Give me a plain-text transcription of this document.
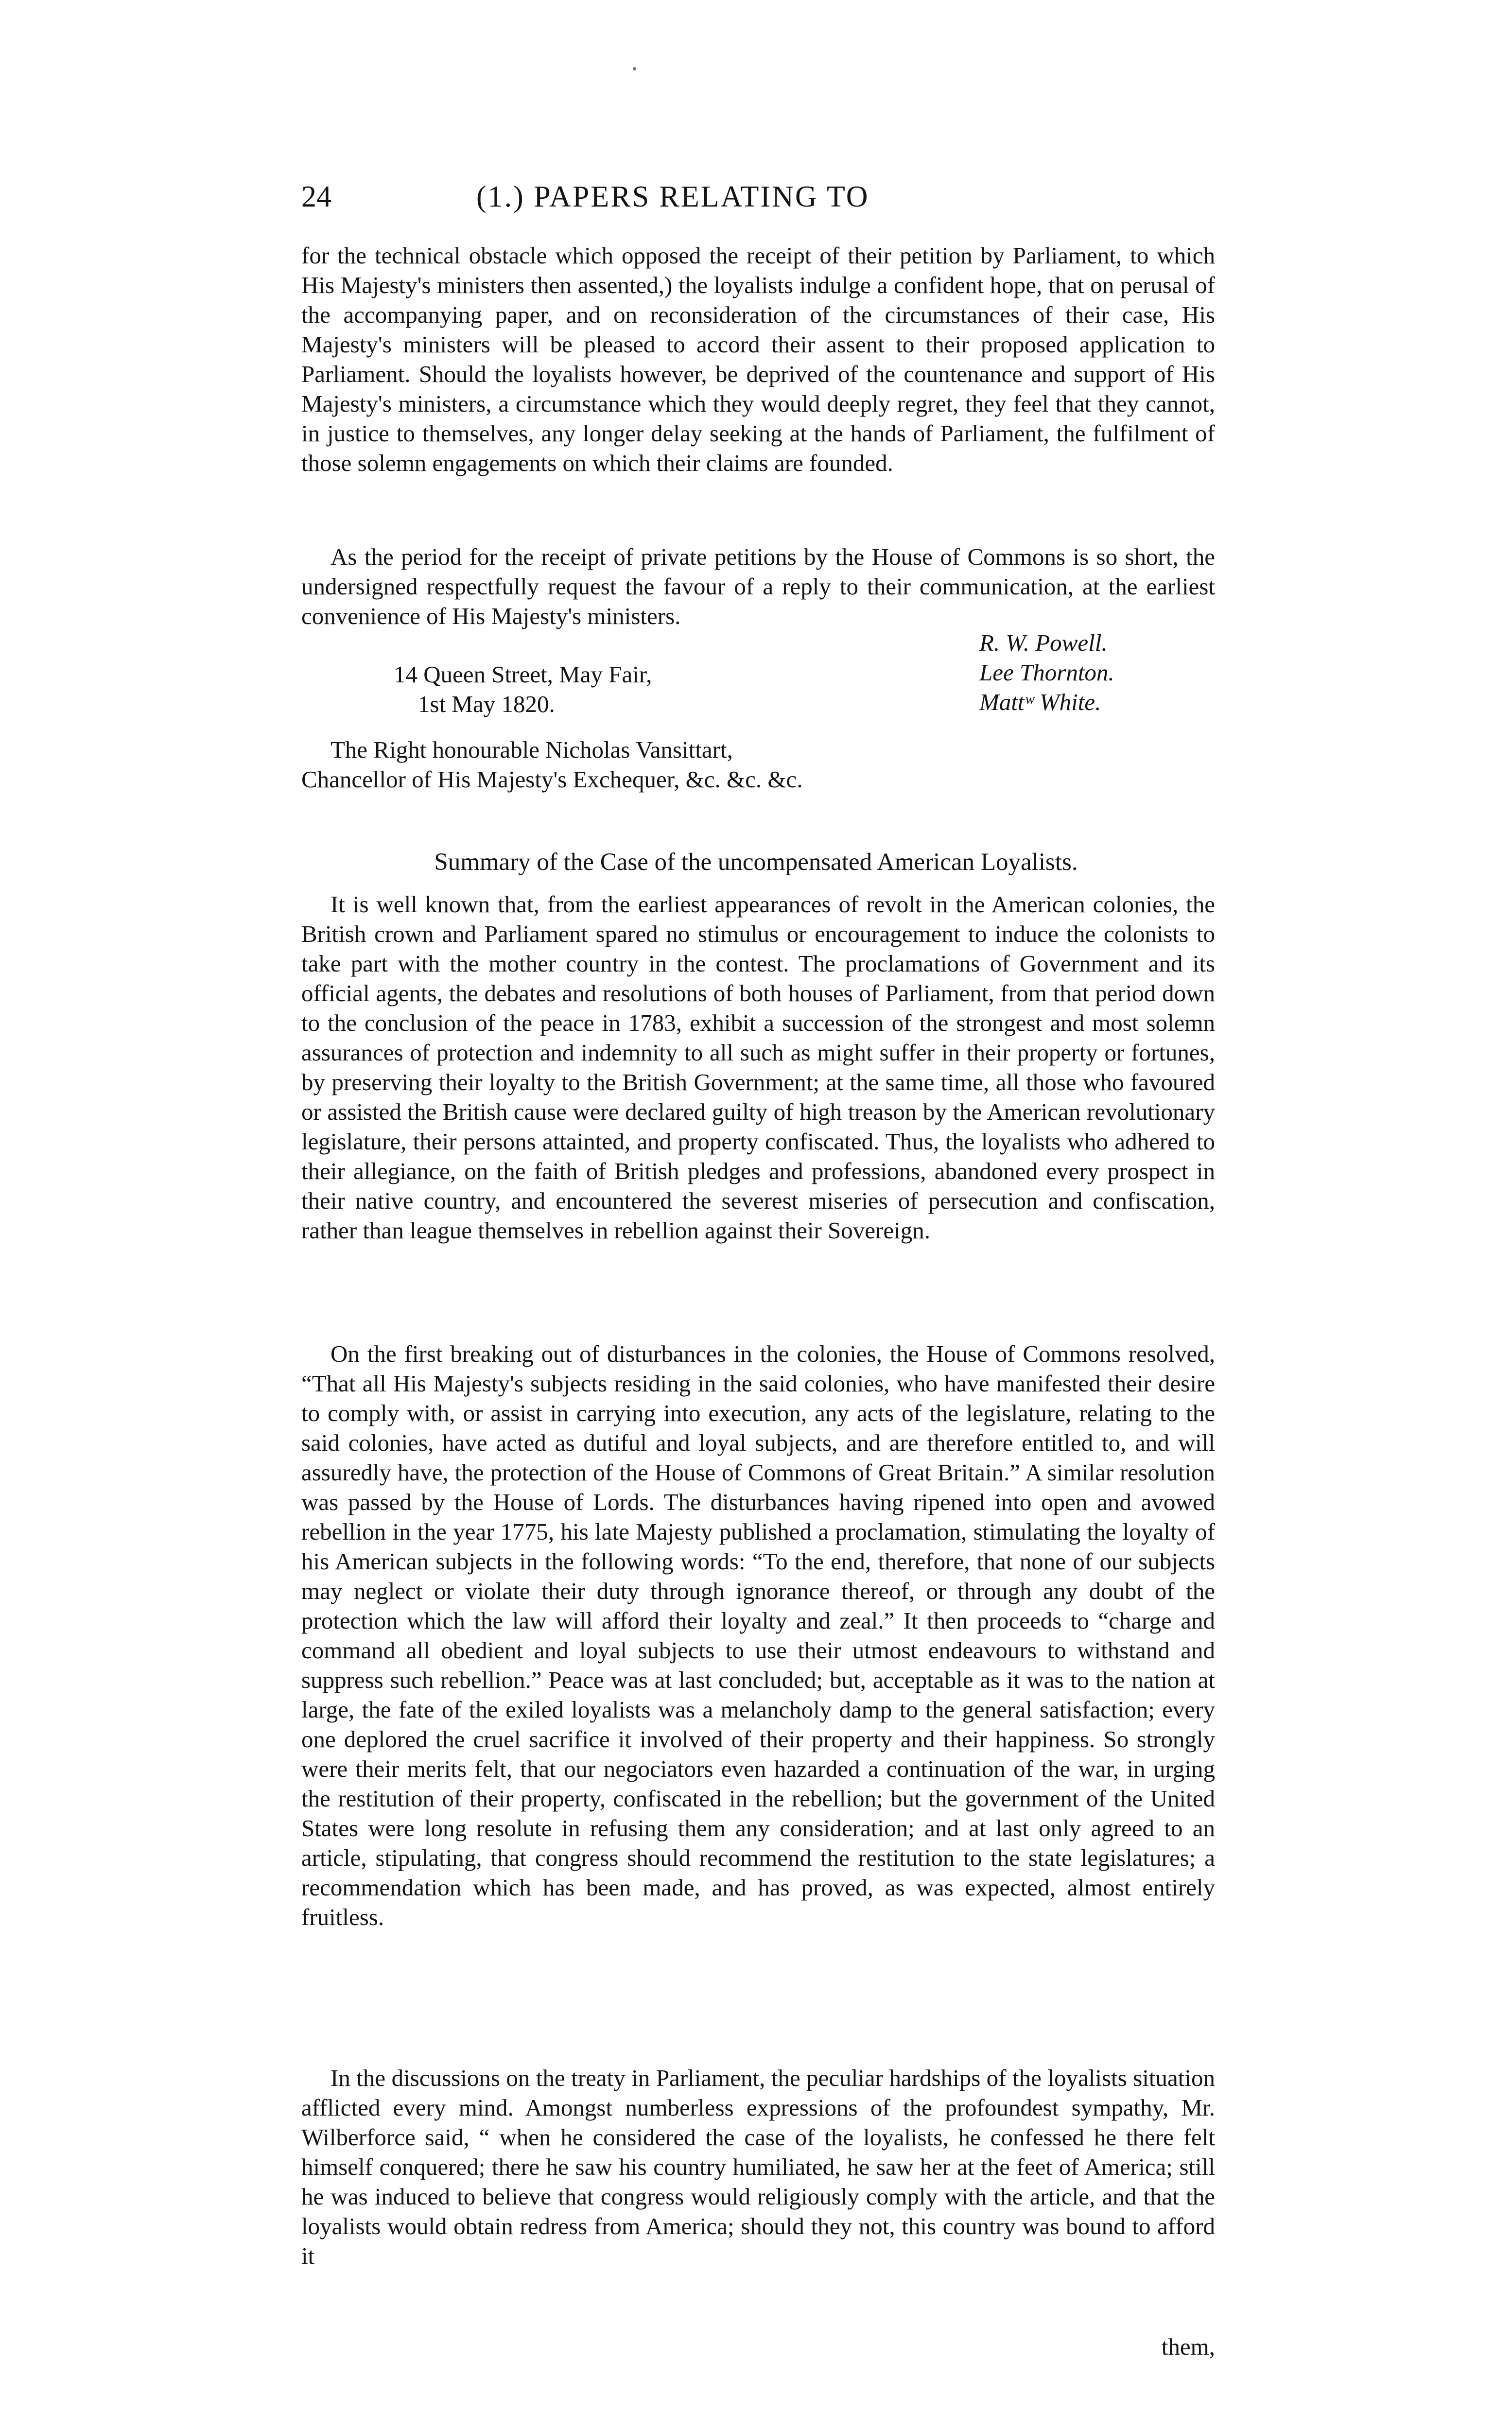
24	(1.) PAPERS RELATING TO

for the technical obstacle which opposed the receipt of their petition by Parliament, to which His Majesty's ministers then assented,) the loyalists indulge a confident hope, that on perusal of the accompanying paper, and on reconsideration of the circumstances of their case, His Majesty's ministers will be pleased to accord their assent to their proposed application to Parliament. Should the loyalists however, be deprived of the countenance and support of His Majesty's ministers, a circumstance which they would deeply regret, they feel that they cannot, in justice to themselves, any longer delay seeking at the hands of Parliament, the fulfilment of those solemn engagements on which their claims are founded.

As the period for the receipt of private petitions by the House of Commons is so short, the undersigned respectfully request the favour of a reply to their communication, at the earliest convenience of His Majesty's ministers.

R. W. Powell.
Lee Thornton.
Mattʷ White.
14 Queen Street, May Fair,
1st May 1820.
The Right honourable Nicholas Vansittart,
Chancellor of His Majesty's Exchequer, &c. &c. &c.
Summary of the Case of the uncompensated American Loyalists.

It is well known that, from the earliest appearances of revolt in the American colonies, the British crown and Parliament spared no stimulus or encouragement to induce the colonists to take part with the mother country in the contest. The proclamations of Government and its official agents, the debates and resolutions of both houses of Parliament, from that period down to the conclusion of the peace in 1783, exhibit a succession of the strongest and most solemn assurances of protection and indemnity to all such as might suffer in their property or fortunes, by preserving their loyalty to the British Government; at the same time, all those who favoured or assisted the British cause were declared guilty of high treason by the American revolutionary legislature, their persons attainted, and property confiscated. Thus, the loyalists who adhered to their allegiance, on the faith of British pledges and professions, abandoned every prospect in their native country, and encountered the severest miseries of persecution and confiscation, rather than league themselves in rebellion against their Sovereign.

On the first breaking out of disturbances in the colonies, the House of Commons resolved, “That all His Majesty's subjects residing in the said colonies, who have manifested their desire to comply with, or assist in carrying into execution, any acts of the legislature, relating to the said colonies, have acted as dutiful and loyal subjects, and are therefore entitled to, and will assuredly have, the protection of the House of Commons of Great Britain.” A similar resolution was passed by the House of Lords. The disturbances having ripened into open and avowed rebellion in the year 1775, his late Majesty published a proclamation, stimulating the loyalty of his American subjects in the following words: “To the end, therefore, that none of our subjects may neglect or violate their duty through ignorance thereof, or through any doubt of the protection which the law will afford their loyalty and zeal.” It then proceeds to “charge and command all obedient and loyal subjects to use their utmost endeavours to withstand and suppress such rebellion.” Peace was at last concluded; but, acceptable as it was to the nation at large, the fate of the exiled loyalists was a melancholy damp to the general satisfaction; every one deplored the cruel sacrifice it involved of their property and their happiness. So strongly were their merits felt, that our negociators even hazarded a continuation of the war, in urging the restitution of their property, confiscated in the rebellion; but the government of the United States were long resolute in refusing them any consideration; and at last only agreed to an article, stipulating, that congress should recommend the restitution to the state legislatures; a recommendation which has been made, and has proved, as was expected, almost entirely fruitless.

In the discussions on the treaty in Parliament, the peculiar hardships of the loyalists situation afflicted every mind. Amongst numberless expressions of the profoundest sympathy, Mr. Wilberforce said, “ when he considered the case of the loyalists, he confessed he there felt himself conquered; there he saw his country humiliated, he saw her at the feet of America; still he was induced to believe that congress would religiously comply with the article, and that the loyalists would obtain redress from America; should they not, this country was bound to afford it

them,
